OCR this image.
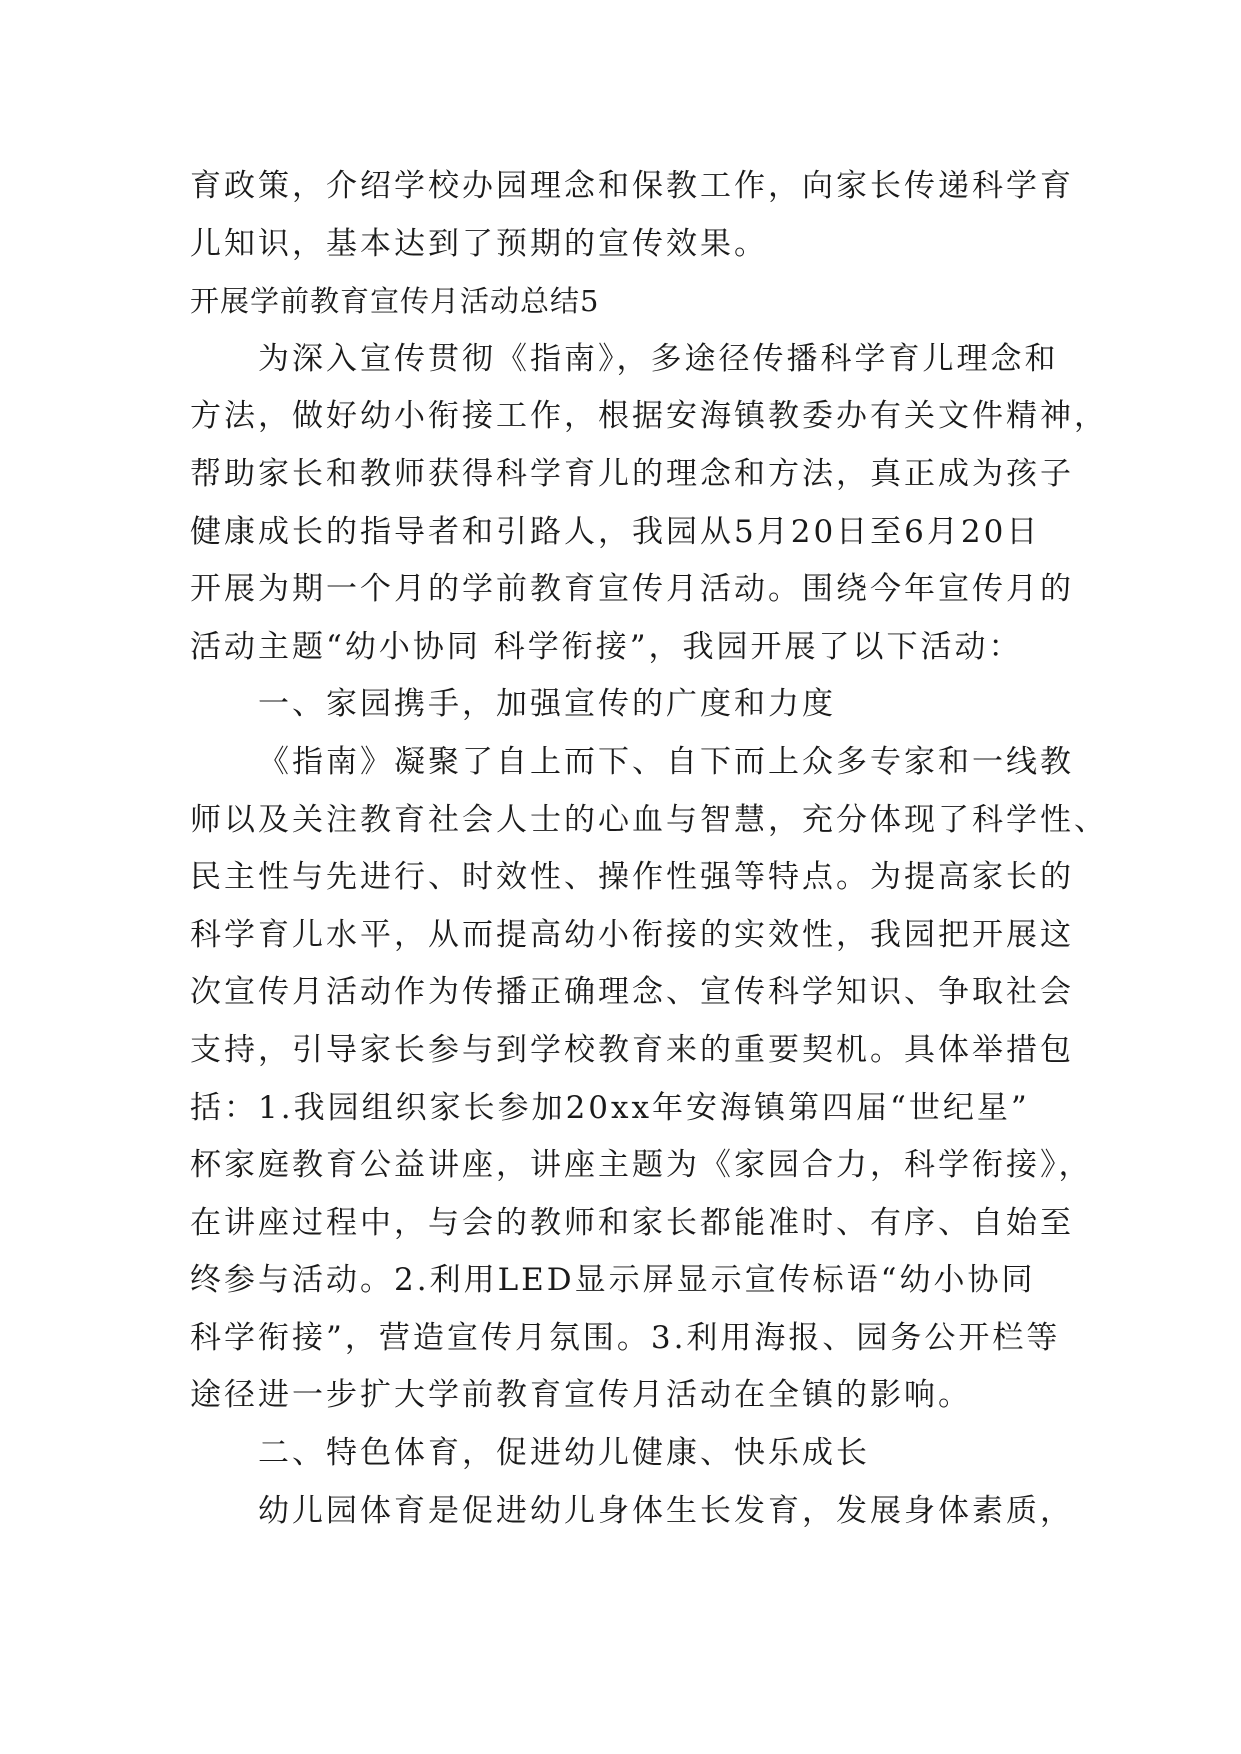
育政策，介绍学校办园理念和保教工作，向家长传递科学育
儿知识，基本达到了预期的宣传效果。
开展学前教育宣传月活动总结5
为深入宣传贯彻《指南》，多途径传播科学育儿理念和
方法，做好幼小衔接工作，根据安海镇教委办有关文件精神，
帮助家长和教师获得科学育儿的理念和方法，真正成为孩子
健康成长的指导者和引路人，我园从5月20日至6月20日
开展为期一个月的学前教育宣传月活动。围绕今年宣传月的
活动主题“幼小协同 科学衔接”，我园开展了以下活动：
一、家园携手，加强宣传的广度和力度
《指南》凝聚了自上而下、自下而上众多专家和一线教
师以及关注教育社会人士的心血与智慧，充分体现了科学性、
民主性与先进行、时效性、操作性强等特点。为提高家长的
科学育儿水平，从而提高幼小衔接的实效性，我园把开展这
次宣传月活动作为传播正确理念、宣传科学知识、争取社会
支持，引导家长参与到学校教育来的重要契机。具体举措包
括：1.我园组织家长参加20xx年安海镇第四届“世纪星”
杯家庭教育公益讲座，讲座主题为《家园合力，科学衔接》，
在讲座过程中，与会的教师和家长都能准时、有序、自始至
终参与活动。2.利用LED显示屏显示宣传标语“幼小协同
科学衔接”，营造宣传月氛围。3.利用海报、园务公开栏等
途径进一步扩大学前教育宣传月活动在全镇的影响。
二、特色体育，促进幼儿健康、快乐成长
幼儿园体育是促进幼儿身体生长发育，发展身体素质，
